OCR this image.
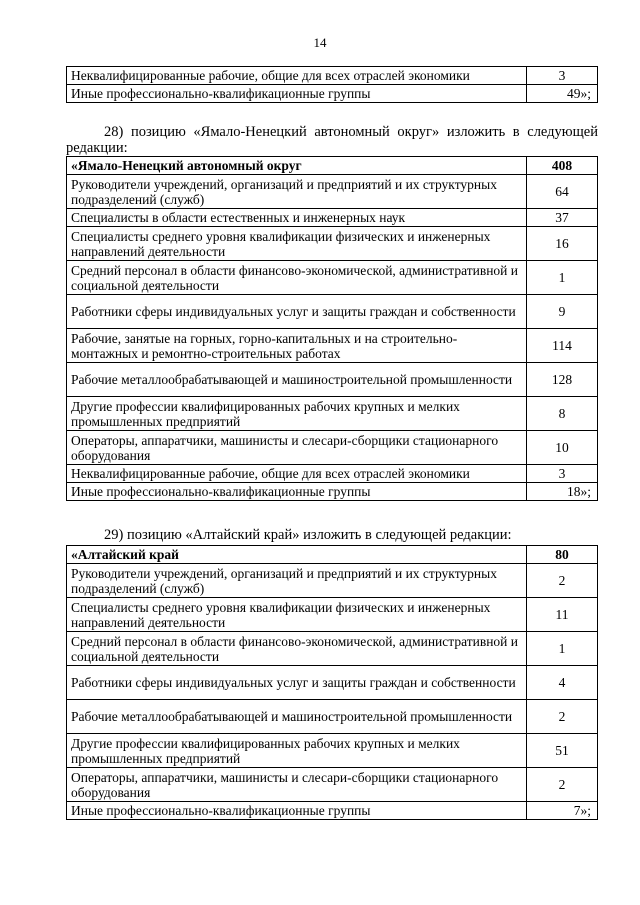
14
Неквалифицированные рабочие, общие для всех отраслей экономики	3
Иные профессионально-квалификационные группы	49»;
28) позицию «Ямало-Ненецкий автономный округ» изложить в следующей редакции:
«Ямало-Ненецкий автономный округ	408
Руководители учреждений, организаций и предприятий и их структурных подразделений (служб)	64
Специалисты в области естественных и инженерных наук	37
Специалисты среднего уровня квалификации физических и инженерных направлений деятельности	16
Средний персонал в области финансово-экономической, административной и социальной деятельности	1
Работники сферы индивидуальных услуг и защиты граждан и собственности	9
Рабочие, занятые на горных, горно-капитальных и на строительно-монтажных и ремонтно-строительных работах	114
Рабочие металлообрабатывающей и машиностроительной промышленности	128
Другие профессии квалифицированных рабочих крупных и мелких промышленных предприятий	8
Операторы, аппаратчики, машинисты и слесари-сборщики стационарного оборудования	10
Неквалифицированные рабочие, общие для всех отраслей экономики	3
Иные профессионально-квалификационные группы	18»;
29) позицию «Алтайский край» изложить в следующей редакции:
«Алтайский край	80
Руководители учреждений, организаций и предприятий и их структурных подразделений (служб)	2
Специалисты среднего уровня квалификации физических и инженерных направлений деятельности	11
Средний персонал в области финансово-экономической, административной и социальной деятельности	1
Работники сферы индивидуальных услуг и защиты граждан и собственности	4
Рабочие металлообрабатывающей и машиностроительной промышленности	2
Другие профессии квалифицированных рабочих крупных и мелких промышленных предприятий	51
Операторы, аппаратчики, машинисты и слесари-сборщики стационарного оборудования	2
Иные профессионально-квалификационные группы	7»;
